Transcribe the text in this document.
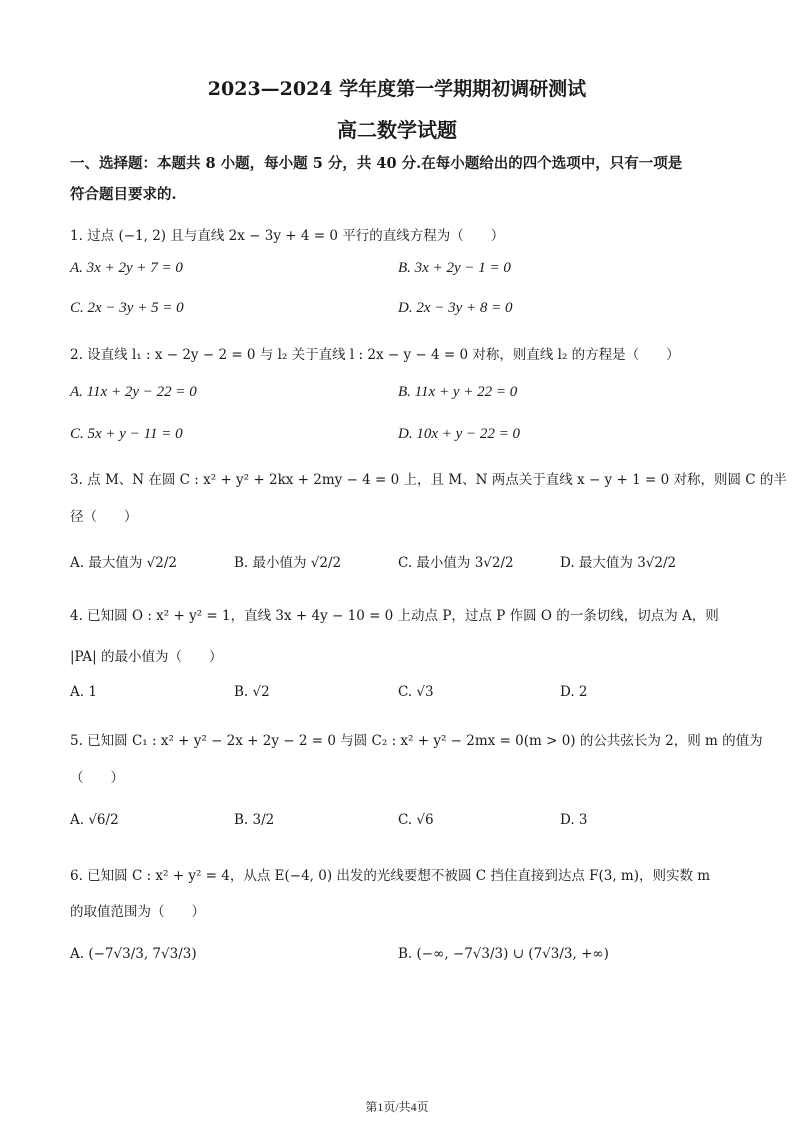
2023—2024 学年度第一学期期初调研测试
高二数学试题
一、选择题：本题共 8 小题，每小题 5 分，共 40 分.在每小题给出的四个选项中，只有一项是
符合题目要求的.
1. 过点 (−1, 2) 且与直线 2x − 3y + 4 = 0 平行的直线方程为（　　）
A. 3x + 2y + 7 = 0	B. 3x + 2y − 1 = 0
C. 2x − 3y + 5 = 0	D. 2x − 3y + 8 = 0
2. 设直线 l₁ : x − 2y − 2 = 0 与 l₂ 关于直线 l : 2x − y − 4 = 0 对称，则直线 l₂ 的方程是（　　）
A. 11x + 2y − 22 = 0	B. 11x + y + 22 = 0
C. 5x + y − 11 = 0	D. 10x + y − 22 = 0
3. 点 M、N 在圆 C : x² + y² + 2kx + 2my − 4 = 0 上，且 M、N 两点关于直线 x − y + 1 = 0 对称，则圆 C 的半
径（　　）
A. 最大值为 √2/2	B. 最小值为 √2/2	C. 最小值为 3√2/2	D. 最大值为 3√2/2
4. 已知圆 O : x² + y² = 1，直线 3x + 4y − 10 = 0 上动点 P，过点 P 作圆 O 的一条切线，切点为 A，则
|PA| 的最小值为（　　）
A. 1	B. √2	C. √3	D. 2
5. 已知圆 C₁ : x² + y² − 2x + 2y − 2 = 0 与圆 C₂ : x² + y² − 2mx = 0(m > 0) 的公共弦长为 2，则 m 的值为
（　　）
A. √6/2	B. 3/2	C. √6	D. 3
6. 已知圆 C : x² + y² = 4，从点 E(−4, 0) 出发的光线要想不被圆 C 挡住直接到达点 F(3, m)，则实数 m
的取值范围为（　　）
A. (−7√3/3, 7√3/3)	B. (−∞, −7√3/3) ∪ (7√3/3, +∞)
第1页/共4页
